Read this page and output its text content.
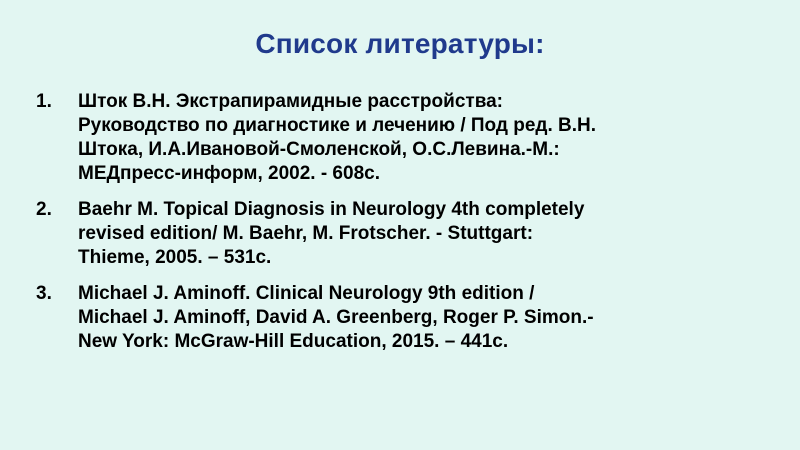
Список литературы:
1.	Шток В.Н. Экстрапирамидные расстройства:
Руководство по диагностике и лечению / Под ред. В.Н.
Штока, И.А.Ивановой-Смоленской, О.С.Левина.-М.:
МЕДпресс-информ, 2002. - 608с.
2.	Baehr M. Topical Diagnosis in Neurology 4th completely
revised edition/ M. Baehr, M. Frotscher. - Stuttgart:
Thieme, 2005. – 531с.
3.	Michael J. Aminoff. Clinical Neurology 9th edition /
Michael J. Aminoff, David A. Greenberg, Roger P. Simon.-
New York: McGraw-Hill Education, 2015. – 441с.
